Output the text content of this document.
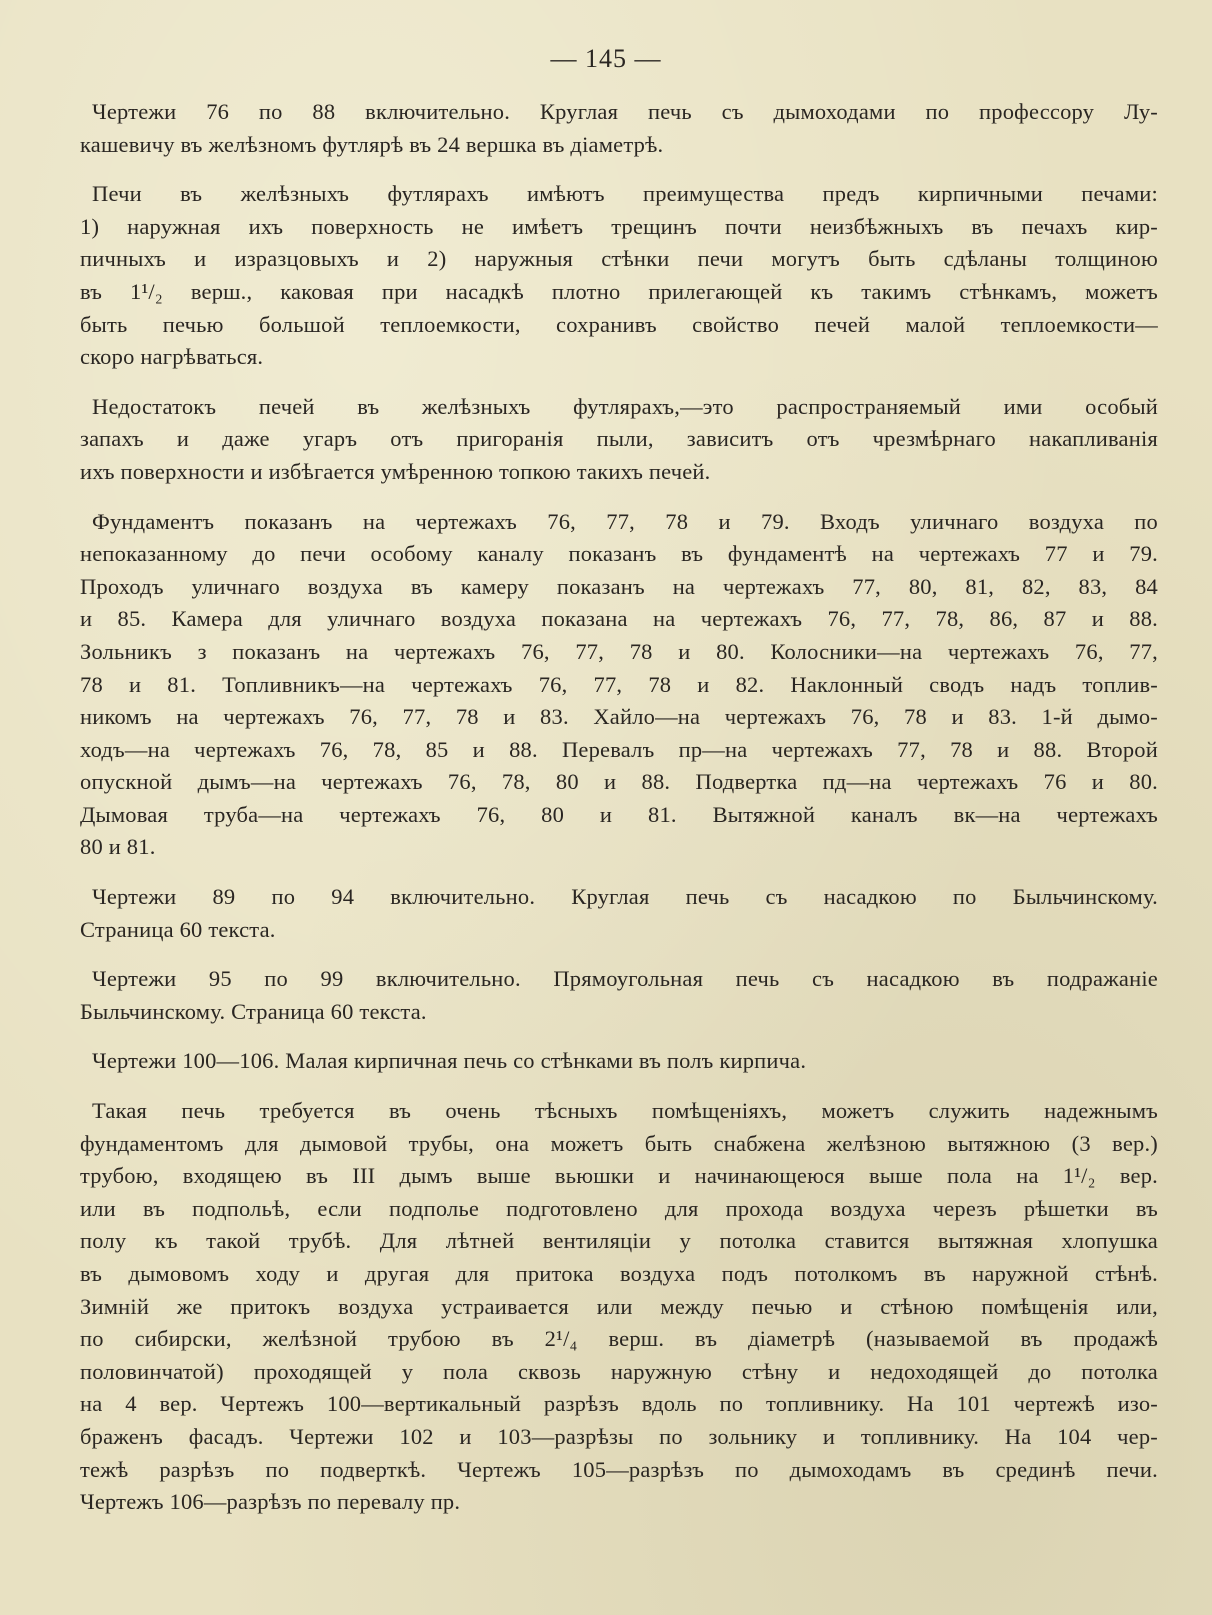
— 145 —
Чертежи 76 по 88 включительно. Круглая печь съ дымоходами по профессору Лу-
кашевичу въ желѣзномъ футлярѣ въ 24 вершка въ діаметрѣ.
Печи въ желѣзныхъ футлярахъ имѣютъ преимущества предъ кирпичными печами:
1) наружная ихъ поверхность не имѣетъ трещинъ почти неизбѣжныхъ въ печахъ кир-
пичныхъ и изразцовыхъ и 2) наружныя стѣнки печи могутъ быть сдѣланы толщиною
въ 1¹/₂ верш., каковая при насадкѣ плотно прилегающей къ такимъ стѣнкамъ, можетъ
быть печью большой теплоемкости, сохранивъ свойство печей малой теплоемкости—
скоро нагрѣваться.
Недостатокъ печей въ желѣзныхъ футлярахъ,—это распространяемый ими особый
запахъ и даже угаръ отъ пригоранія пыли, зависитъ отъ чрезмѣрнаго накапливанія
ихъ поверхности и избѣгается умѣренною топкою такихъ печей.
Фундаментъ показанъ на чертежахъ 76, 77, 78 и 79. Входъ уличнаго воздуха по
непоказанному до печи особому каналу показанъ въ фундаментѣ на чертежахъ 77 и 79.
Проходъ уличнаго воздуха въ камеру показанъ на чертежахъ 77, 80, 81, 82, 83, 84
и 85. Камера для уличнаго воздуха показана на чертежахъ 76, 77, 78, 86, 87 и 88.
Зольникъ з показанъ на чертежахъ 76, 77, 78 и 80. Колосники—на чертежахъ 76, 77,
78 и 81. Топливникъ—на чертежахъ 76, 77, 78 и 82. Наклонный сводъ надъ топлив-
никомъ на чертежахъ 76, 77, 78 и 83. Хайло—на чертежахъ 76, 78 и 83. 1-й дымо-
ходъ—на чертежахъ 76, 78, 85 и 88. Перевалъ пр—на чертежахъ 77, 78 и 88. Второй
опускной дымъ—на чертежахъ 76, 78, 80 и 88. Подвертка пд—на чертежахъ 76 и 80.
Дымовая труба—на чертежахъ 76, 80 и 81. Вытяжной каналъ вк—на чертежахъ
80 и 81.
Чертежи 89 по 94 включительно. Круглая печь съ насадкою по Быльчинскому.
Страница 60 текста.
Чертежи 95 по 99 включительно. Прямоугольная печь съ насадкою въ подражаніе
Быльчинскому. Страница 60 текста.
Чертежи 100—106. Малая кирпичная печь со стѣнками въ полъ кирпича.
Такая печь требуется въ очень тѣсныхъ помѣщеніяхъ, можетъ служить надежнымъ
фундаментомъ для дымовой трубы, она можетъ быть снабжена желѣзною вытяжною (3 вер.)
трубою, входящею въ III дымъ выше вьюшки и начинающеюся выше пола на 1¹/₂ вер.
или въ подпольѣ, если подполье подготовлено для прохода воздуха черезъ рѣшетки въ
полу къ такой трубѣ. Для лѣтней вентиляціи у потолка ставится вытяжная хлопушка
въ дымовомъ ходу и другая для притока воздуха подъ потолкомъ въ наружной стѣнѣ.
Зимній же притокъ воздуха устраивается или между печью и стѣною помѣщенія или,
по сибирски, желѣзной трубою въ 2¹/₄ верш. въ діаметрѣ (называемой въ продажѣ
половинчатой) проходящей у пола сквозь наружную стѣну и недоходящей до потолка
на 4 вер. Чертежъ 100—вертикальный разрѣзъ вдоль по топливнику. На 101 чертежѣ изо-
браженъ фасадъ. Чертежи 102 и 103—разрѣзы по зольнику и топливнику. На 104 чер-
тежѣ разрѣзъ по подверткѣ. Чертежъ 105—разрѣзъ по дымоходамъ въ срединѣ печи.
Чертежъ 106—разрѣзъ по перевалу пр.
